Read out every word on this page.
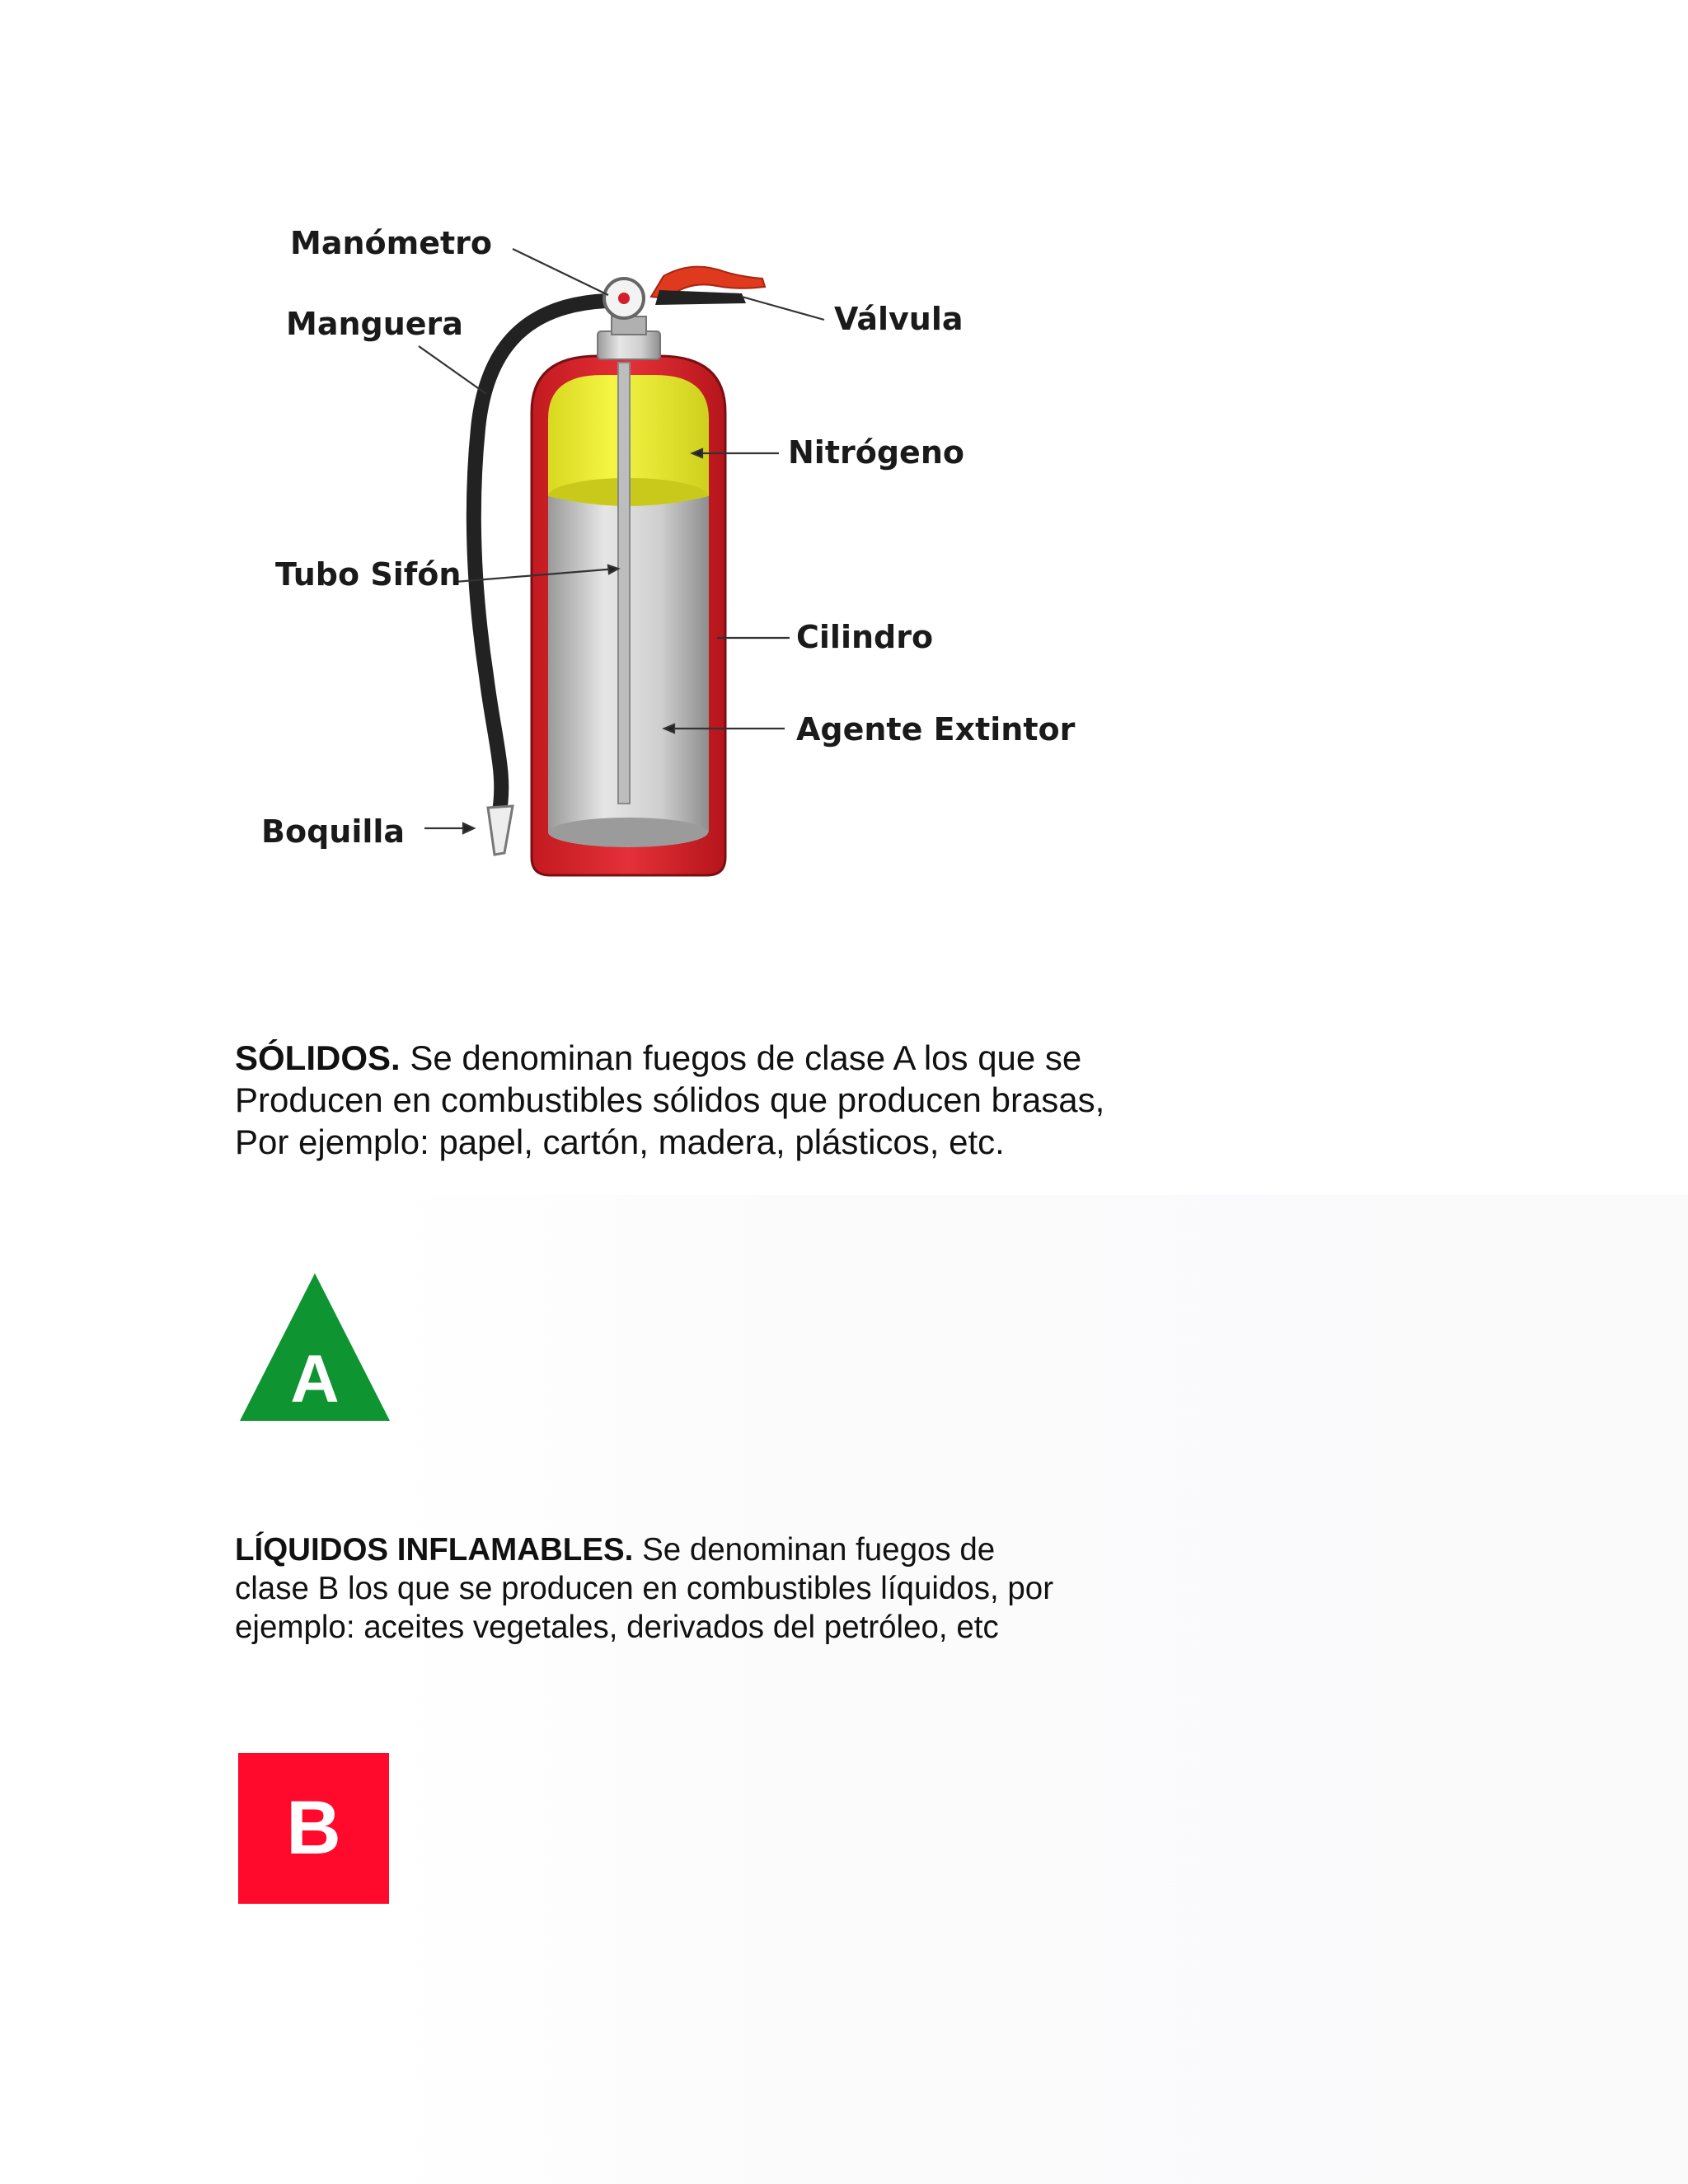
Manómetro
Manguera	Válvula
Nitrógeno
Tubo Sifón
Cilindro
Agente Extintor
Boquilla

SÓLIDOS. Se denominan fuegos de clase A los que se
Producen en combustibles sólidos que producen brasas,
Por ejemplo: papel, cartón, madera, plásticos, etc.

A

LÍQUIDOS INFLAMABLES. Se denominan fuegos de
clase B los que se producen en combustibles líquidos, por
ejemplo: aceites vegetales, derivados del petróleo, etc

B
